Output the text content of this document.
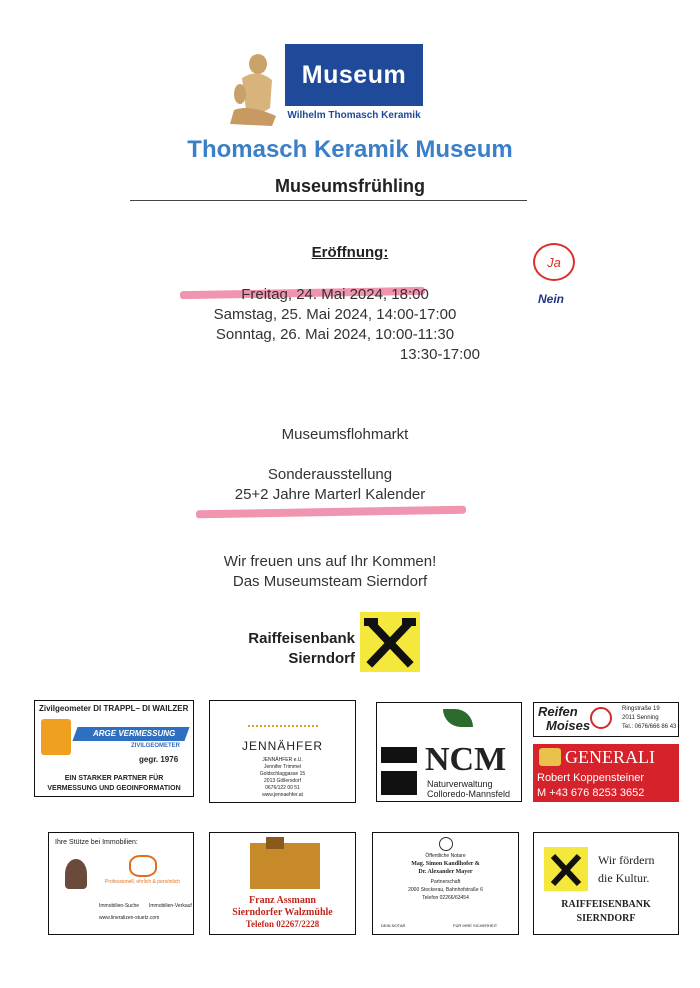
Museum
Wilhelm Thomasch Keramik
Thomasch Keramik Museum
Museumsfrühling
Eröffnung:
Freitag, 24. Mai 2024, 18:00
Samstag, 25. Mai 2024, 14:00-17:00
Sonntag, 26. Mai 2024, 10:00-11:30
13:30-17:00
Museumsflohmarkt
Sonderausstellung
25+2 Jahre Marterl Kalender
Wir freuen uns auf Ihr Kommen!
Das Museumsteam Sierndorf
Ja
Nein
Raiffeisenbank
Sierndorf
Zivilgeometer DI TRAPPL– DI WAILZER
ARGE VERMESSUNG
ZIVILGEOMETER
gegr. 1976
EIN STARKER PARTNER FÜR
VERMESSUNG UND GEOINFORMATION
JENNÄHFER
JENNÄHFER e.U.
Jennifer Trimmel
Goldschlaggasse 15
2013 Göllersdorf
0676/122 00 51
www.jennaehfer.at
NCM
Naturverwaltung
Colloredo-Mannsfeld
Reifen
Moises
Ringstraße 19
2011 Senning
Tel.: 0676/666 86 43
GENERALI
Robert Koppensteiner
M +43 676 8253 3652
Ihre Stütze bei Immobilien:
Professionell, ehrlich & persönlich
Immobilien-Suche Immobilien-Verkauf
www.lineralizen-stuetz.com
Franz Assmann
Sierndorfer Walzmühle
Telefon 02267/2228
Öffentliche Notare
Mag. Simon Kandlhofer &
Dr. Alexander Mayer
Partnerschaft
2000 Stockerau, Bahnhofstraße 6
Telefon 02266/63454
DEIN NOTAR	FÜR IHRE SICHERHEIT
Wir fördern
die Kultur.
RAIFFEISENBANK
SIERNDORF
